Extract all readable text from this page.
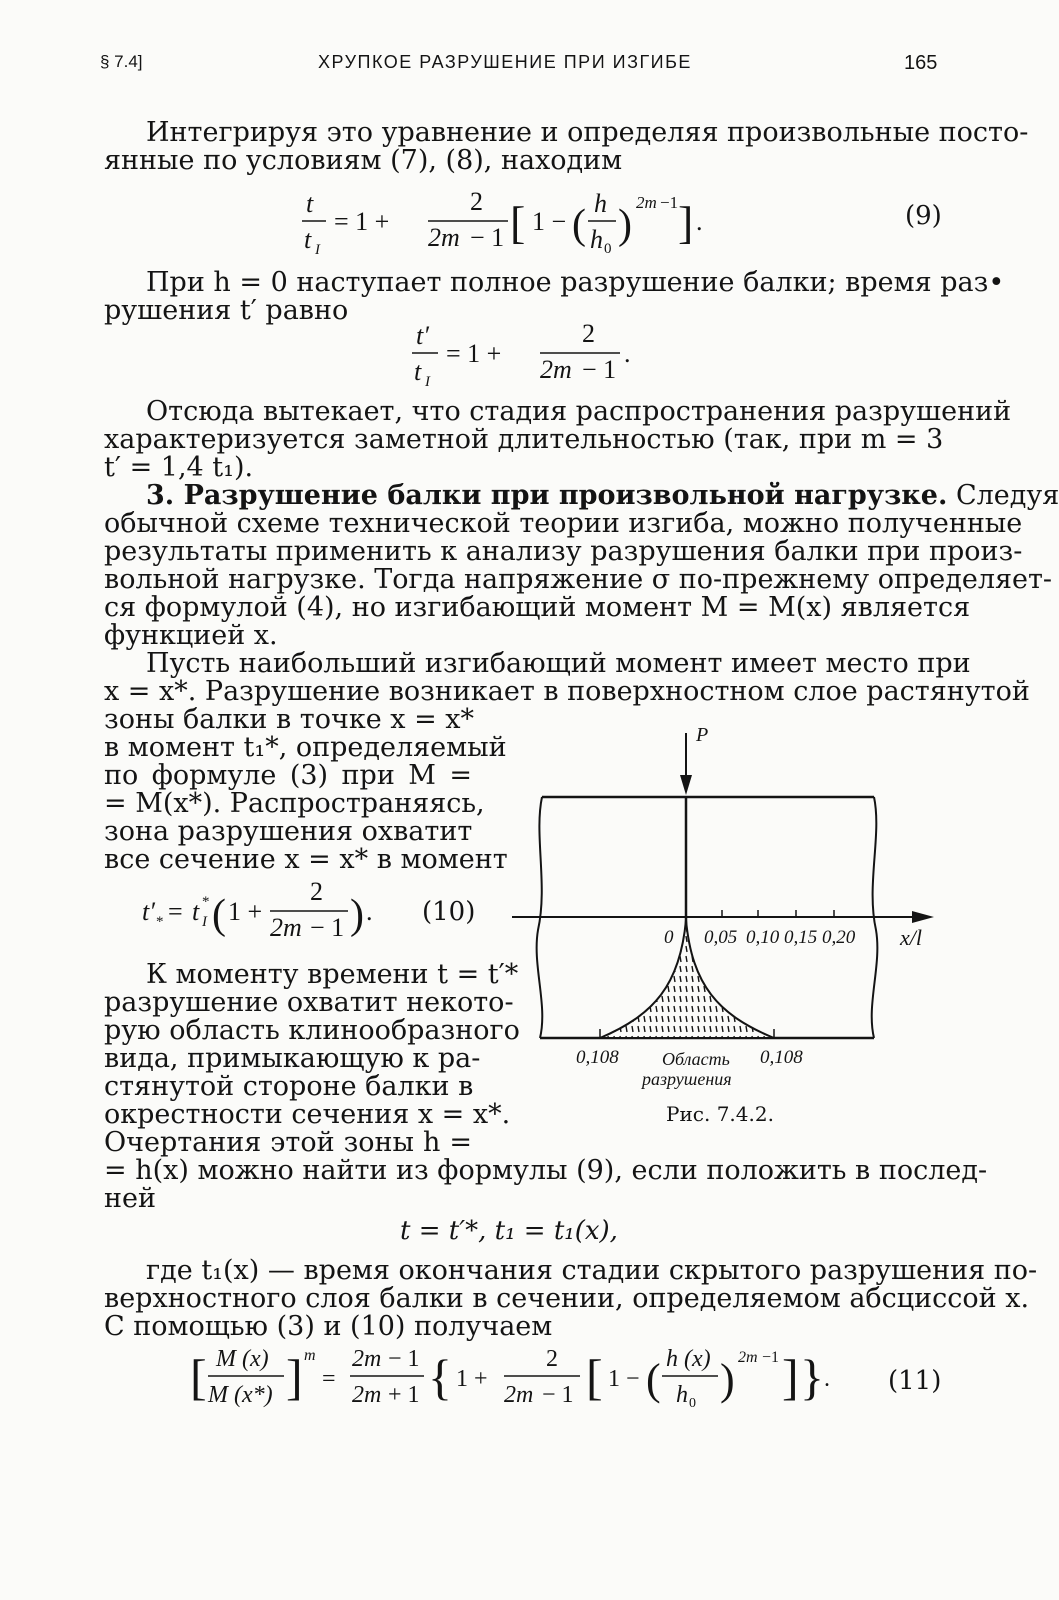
§ 7.4]	ХРУПКОЕ РАЗРУШЕНИЕ ПРИ ИЗГИБЕ	165
Интегрируя это уравнение и определяя произвольные посто-
янные по условиям (7), (8), находим
t
t I
= 1 +
2
2m − 1 [ 1 − ( h
h 0
) 2m −1 ] .	(9)
При h = 0 наступает полное разрушение балки; время раз•
рушения t′ равно
t′
t I
= 1 +
2
2m − 1
.
Отсюда вытекает, что стадия распространения разрушений
характеризуется заметной длительностью (так, при m = 3
t′ = 1,4 t₁).
3. Разрушение балки при произвольной нагрузке. Следуя
обычной схеме технической теории изгиба, можно полученные
результаты применить к анализу разрушения балки при произ-
вольной нагрузке. Тогда напряжение σ по-прежнему определяет-
ся формулой (4), но изгибающий момент M = M(x) является
функцией x.
Пусть наибольший изгибающий момент имеет место при
x = x*. Разрушение возникает в поверхностном слое растянутой
зоны балки в точке x = x*
в момент t₁*, определяемый
по формуле (3) при M =
= M(x*). Распространяясь,
зона разрушения охватит
все сечение x = x* в момент
t′ * = t *
I ( 1 +
2
2m − 1 ) . (10)
К моменту времени t = t′*
разрушение охватит некото-
рую область клинообразного
вида, примыкающую к ра-
стянутой стороне балки в
окрестности сечения x = x*.
Очертания этой зоны h =
= h(x) можно найти из формулы (9), если положить в послед-
ней
t = t′*, t₁ = t₁(x),
где t₁(x) — время окончания стадии скрытого разрушения по-
верхностного слоя балки в сечении, определяемом абсциссой x.
С помощью (3) и (10) получаем
[ M (x)
M (x*) ] m
=
2m − 1
2m + 1 { 1 +
2
2m − 1 [ 1 − ( h (x)
h 0 ) 2m −1 ] } . (11)
P
0 0,05 0,10 0,15 0,20 x/l
0,108	0,108
Область
разрушения
Рис. 7.4.2.
